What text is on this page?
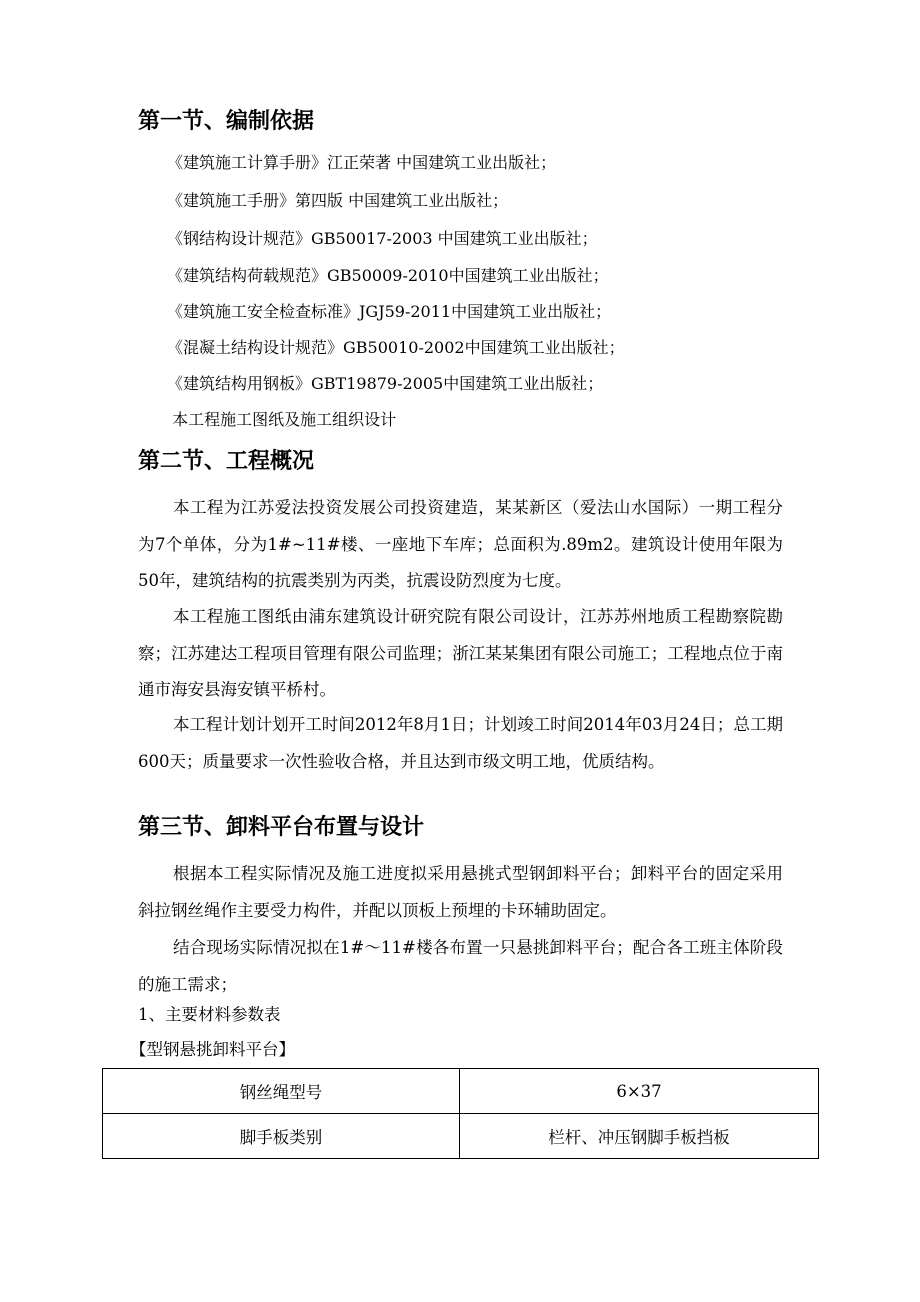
第一节、编制依据
《建筑施工计算手册》江正荣著 中国建筑工业出版社；
《建筑施工手册》第四版 中国建筑工业出版社；
《钢结构设计规范》GB50017-2003 中国建筑工业出版社；
《建筑结构荷载规范》GB50009-2010中国建筑工业出版社；
《建筑施工安全检查标准》JGJ59-2011中国建筑工业出版社；
《混凝土结构设计规范》GB50010-2002中国建筑工业出版社；
《建筑结构用钢板》GBT19879-2005中国建筑工业出版社；
本工程施工图纸及施工组织设计
第二节、工程概况
本工程为江苏爱法投资发展公司投资建造，某某新区（爱法山水国际）一期工程分为7个单体，分为1#~11#楼、一座地下车库；总面积为.89m2。建筑设计使用年限为50年，建筑结构的抗震类别为丙类，抗震设防烈度为七度。
本工程施工图纸由浦东建筑设计研究院有限公司设计，江苏苏州地质工程勘察院勘察；江苏建达工程项目管理有限公司监理；浙江某某集团有限公司施工；工程地点位于南通市海安县海安镇平桥村。
本工程计划计划开工时间2012年8月1日；计划竣工时间2014年03月24日；总工期600天；质量要求一次性验收合格，并且达到市级文明工地，优质结构。
第三节、卸料平台布置与设计
根据本工程实际情况及施工进度拟采用悬挑式型钢卸料平台；卸料平台的固定采用斜拉钢丝绳作主要受力构件，并配以顶板上预埋的卡环辅助固定。
结合现场实际情况拟在1#～11#楼各布置一只悬挑卸料平台；配合各工班主体阶段的施工需求；
1、主要材料参数表
【型钢悬挑卸料平台】
钢丝绳型号	6×37
脚手板类别	栏杆、冲压钢脚手板挡板
